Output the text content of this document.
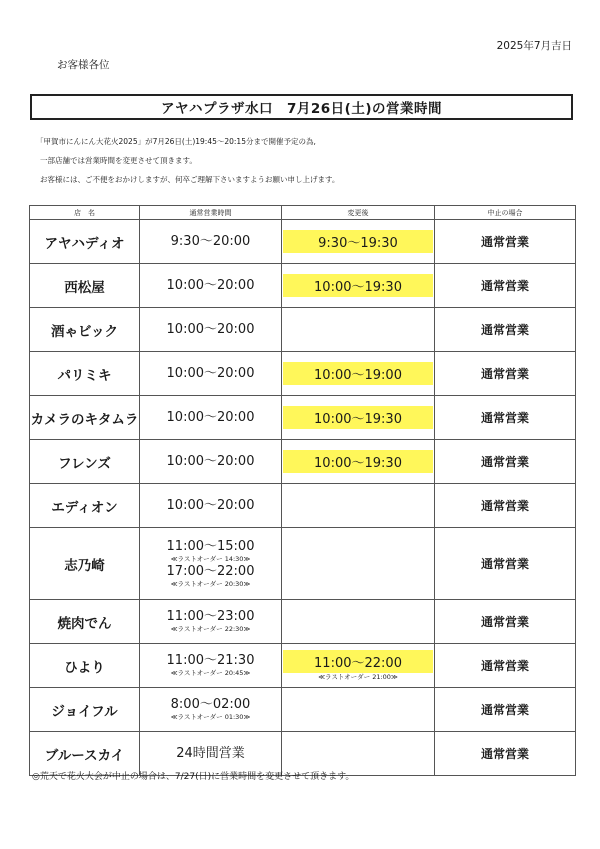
2025年7月吉日
お客様各位
アヤハプラザ水口　7月26日(土)の営業時間
「甲賀市にんにん大花火2025」が7月26日(土)19:45〜20:15分まで開催予定の為,
一部店舗では営業時間を変更させて頂きます。
お客様には、ご不便をおかけしますが、何卒ご理解下さいますようお願い申し上げます。
店　名	通常営業時間	変更後	中止の場合
アヤハディオ	9:30〜20:00	9:30〜19:30	通常営業
西松屋	10:00〜20:00	10:00〜19:30	通常営業
酒ゃビック	10:00〜20:00		通常営業
パリミキ	10:00〜20:00	10:00〜19:00	通常営業
カメラのキタムラ	10:00〜20:00	10:00〜19:30	通常営業
フレンズ	10:00〜20:00	10:00〜19:30	通常営業
エディオン	10:00〜20:00		通常営業
志乃崎	11:00〜15:00
≪ラストオーダー 14:30≫
17:00〜22:00
≪ラストオーダー 20:30≫		通常営業
焼肉でん	11:00〜23:00
≪ラストオーダー 22:30≫		通常営業
ひより	11:00〜21:30
≪ラストオーダー 20:45≫	11:00〜22:00
≪ラストオーダー 21:00≫	通常営業
ジョイフル	8:00〜02:00
≪ラストオーダー 01:30≫		通常営業
ブルースカイ	24時間営業		通常営業
◎荒天で花火大会が中止の場合は、7/27(日)に営業時間を変更させて頂きます。
